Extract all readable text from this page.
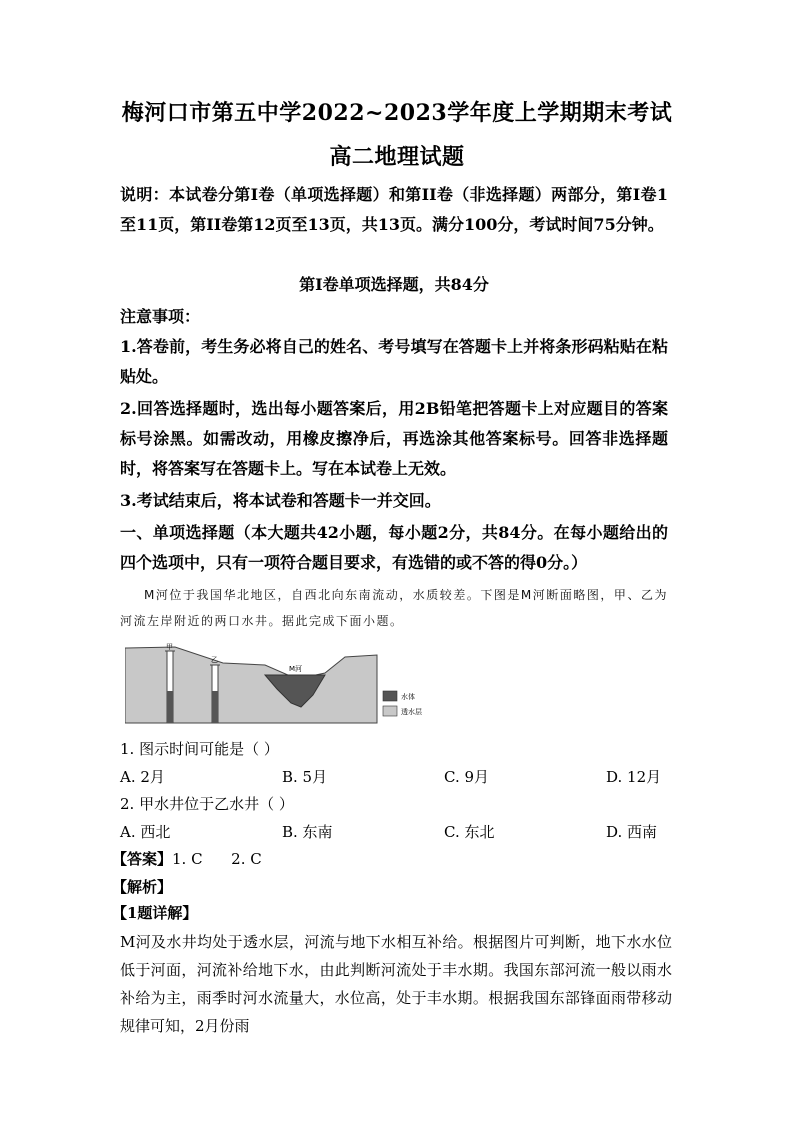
梅河口市第五中学2022~2023学年度上学期期末考试
高二地理试题
说明：本试卷分第Ⅰ卷（单项选择题）和第II卷（非选择题）两部分，第Ⅰ卷1至11页，第II卷第12页至13页，共13页。满分100分，考试时间75分钟。
第Ⅰ卷单项选择题，共84分
注意事项：
1.答卷前，考生务必将自己的姓名、考号填写在答题卡上并将条形码粘贴在粘贴处。
2.回答选择题时，选出每小题答案后，用2B铅笔把答题卡上对应题目的答案标号涂黑。如需改动，用橡皮擦净后，再选涂其他答案标号。回答非选择题时，将答案写在答题卡上。写在本试卷上无效。
3.考试结束后，将本试卷和答题卡一并交回。
一、单项选择题（本大题共42小题，每小题2分，共84分。在每小题给出的四个选项中，只有一项符合题目要求，有选错的或不答的得0分。）
M河位于我国华北地区，自西北向东南流动，水质较差。下图是M河断面略图，甲、乙为河流左岸附近的两口水井。据此完成下面小题。
甲
乙
M河
水体
透水层
1. 图示时间可能是（ ）
A. 2月	B. 5月	C. 9月	D. 12月
2. 甲水井位于乙水井（ ）
A. 西北	B. 东南	C. 东北	D. 西南
【答案】1. C      2. C
【解析】
【1题详解】
M河及水井均处于透水层，河流与地下水相互补给。根据图片可判断，地下水水位低于河面，河流补给地下水，由此判断河流处于丰水期。我国东部河流一般以雨水补给为主，雨季时河水流量大，水位高，处于丰水期。根据我国东部锋面雨带移动规律可知，2月份雨
